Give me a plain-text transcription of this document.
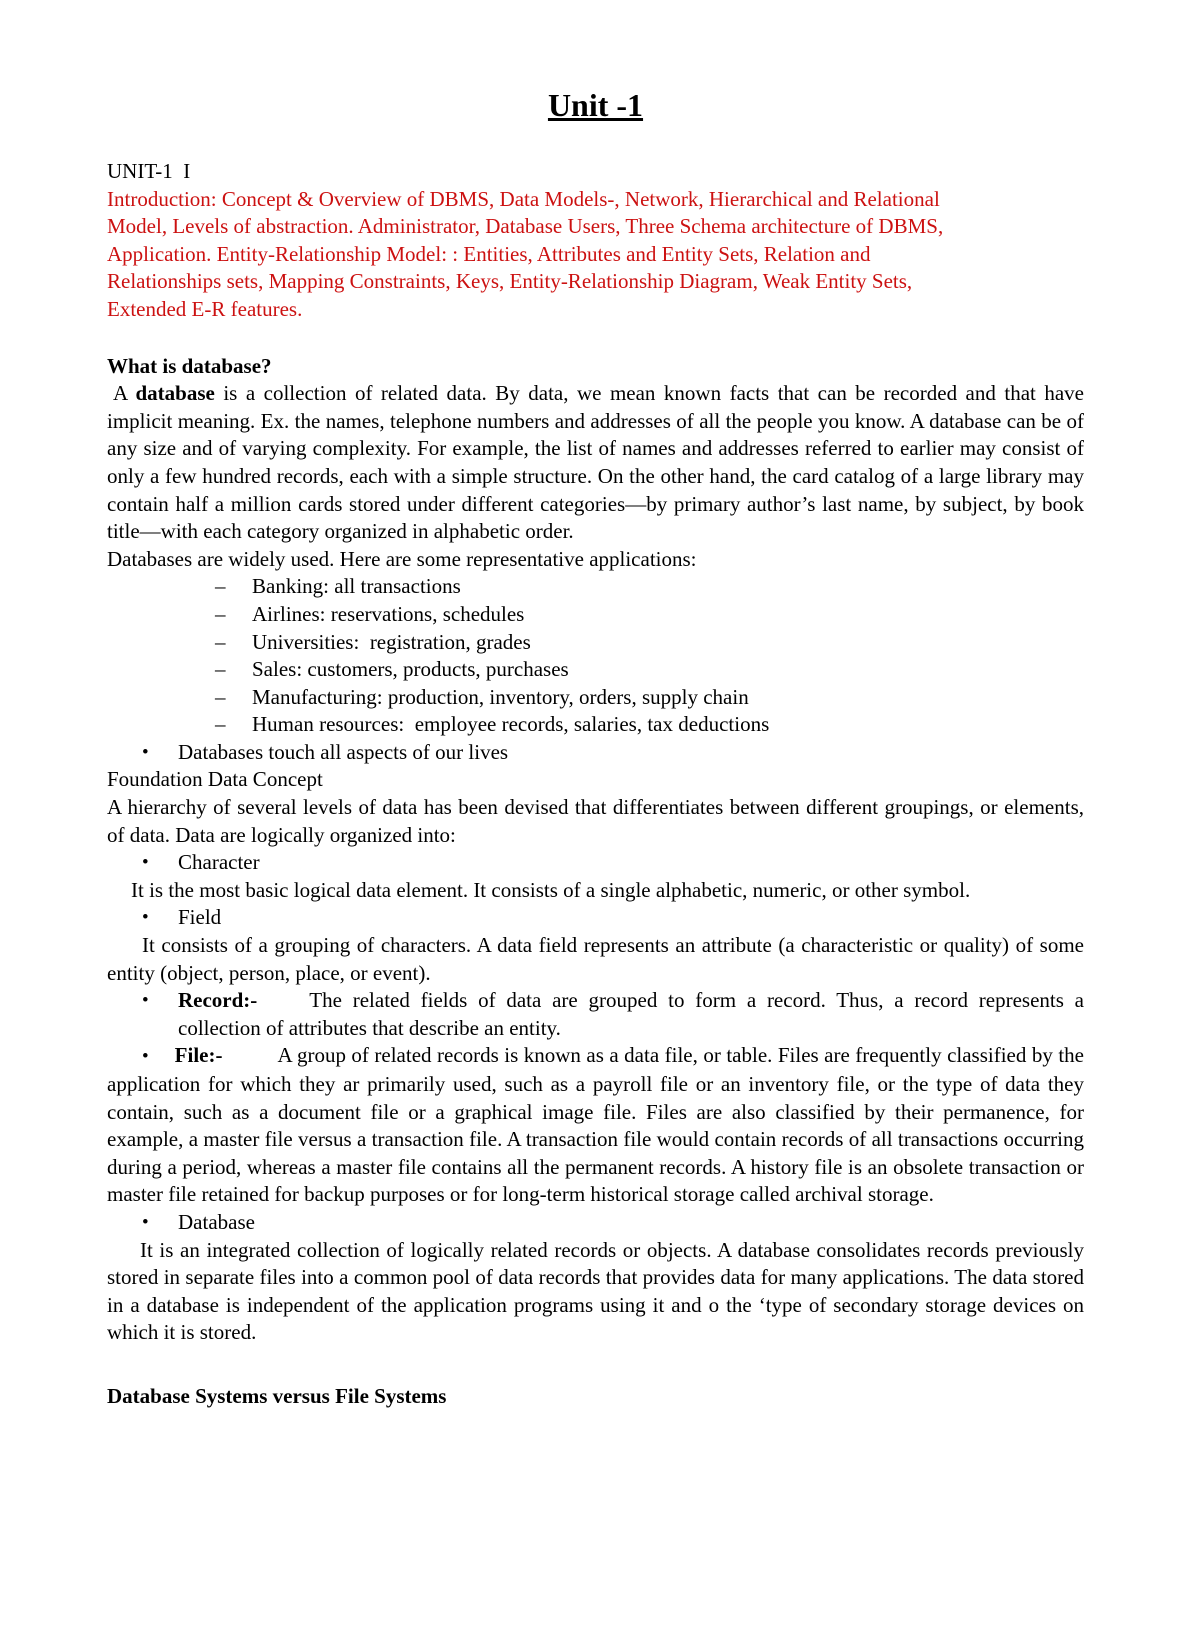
Unit -1

UNIT-1  I

Introduction: Concept & Overview of DBMS, Data Models-, Network, Hierarchical and Relational
Model, Levels of abstraction. Administrator, Database Users, Three Schema architecture of DBMS,
Application. Entity-Relationship Model: : Entities, Attributes and Entity Sets, Relation and
Relationships sets, Mapping Constraints, Keys, Entity-Relationship Diagram, Weak Entity Sets,
Extended E-R features.

What is database?

A database is a collection of related data. By data, we mean known facts that can be recorded and that have implicit meaning. Ex. the names, telephone numbers and addresses of all the people you know. A database can be of any size and of varying complexity. For example, the list of names and addresses referred to earlier may consist of only a few hundred records, each with a simple structure. On the other hand, the card catalog of a large library may contain half a million cards stored under different categories—by primary author’s last name, by subject, by book title—with each category organized in alphabetic order.

Databases are widely used. Here are some representative applications:

– Banking: all transactions
– Airlines: reservations, schedules
– Universities:  registration, grades
– Sales: customers, products, purchases
– Manufacturing: production, inventory, orders, supply chain
– Human resources:  employee records, salaries, tax deductions
• Databases touch all aspects of our lives

Foundation Data Concept

A hierarchy of several levels of data has been devised that differentiates between different groupings, or elements, of data. Data are logically organized into:

• Character

It is the most basic logical data element. It consists of a single alphabetic, numeric, or other symbol.

• Field

It consists of a grouping of characters. A data field represents an attribute (a characteristic or quality) of some entity (object, person, place, or event).

• Record:- The related fields of data are grouped to form a record. Thus, a record represents a collection of attributes that describe an entity.

• File:-	A group of related records is known as a data file, or table. Files are frequently classified by the application for which they ar primarily used, such as a payroll file or an inventory file, or the type of data they contain, such as a document file or a graphical image file. Files are also classified by their permanence, for example, a master file versus a transaction file. A transaction file would contain records of all transactions occurring during a period, whereas a master file contains all the permanent records. A history file is an obsolete transaction or master file retained for backup purposes or for long-term historical storage called archival storage.

• Database

It is an integrated collection of logically related records or objects. A database consolidates records previously stored in separate files into a common pool of data records that provides data for many applications. The data stored in a database is independent of the application programs using it and o the ‘type of secondary storage devices on which it is stored.

Database Systems versus File Systems
